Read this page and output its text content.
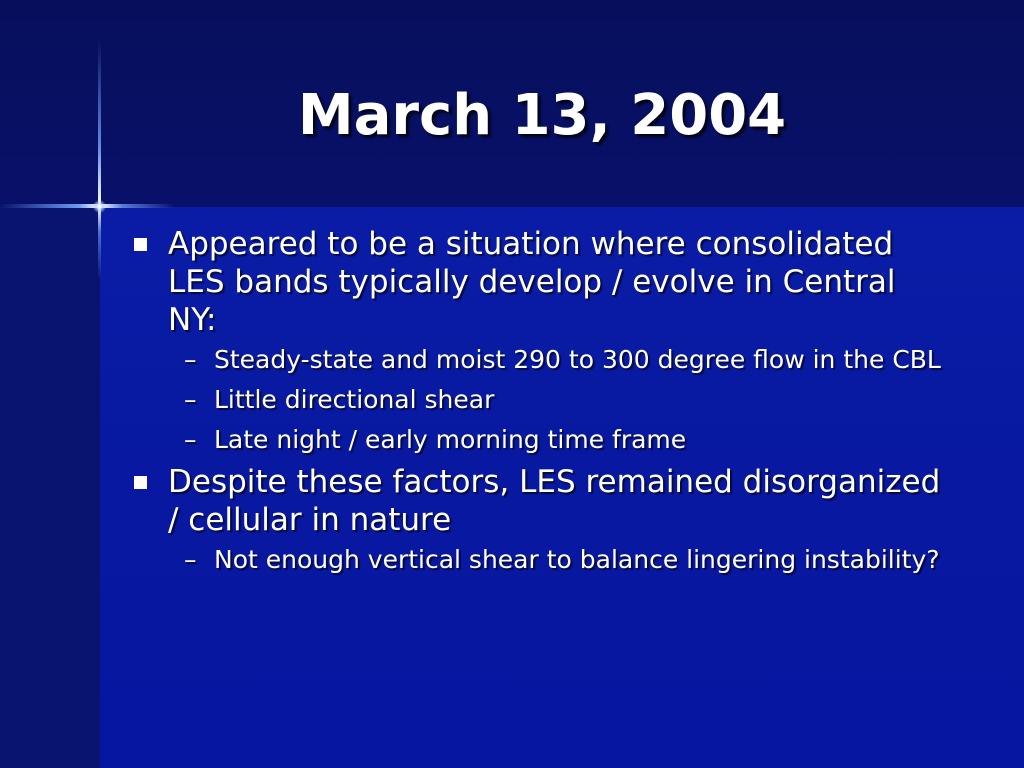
March 13, 2004
Appeared to be a situation where consolidated LES bands typically develop / evolve in Central NY:
– Steady-state and moist 290 to 300 degree flow in the CBL
– Little directional shear
– Late night / early morning time frame
Despite these factors, LES remained disorganized / cellular in nature
– Not enough vertical shear to balance lingering instability?
